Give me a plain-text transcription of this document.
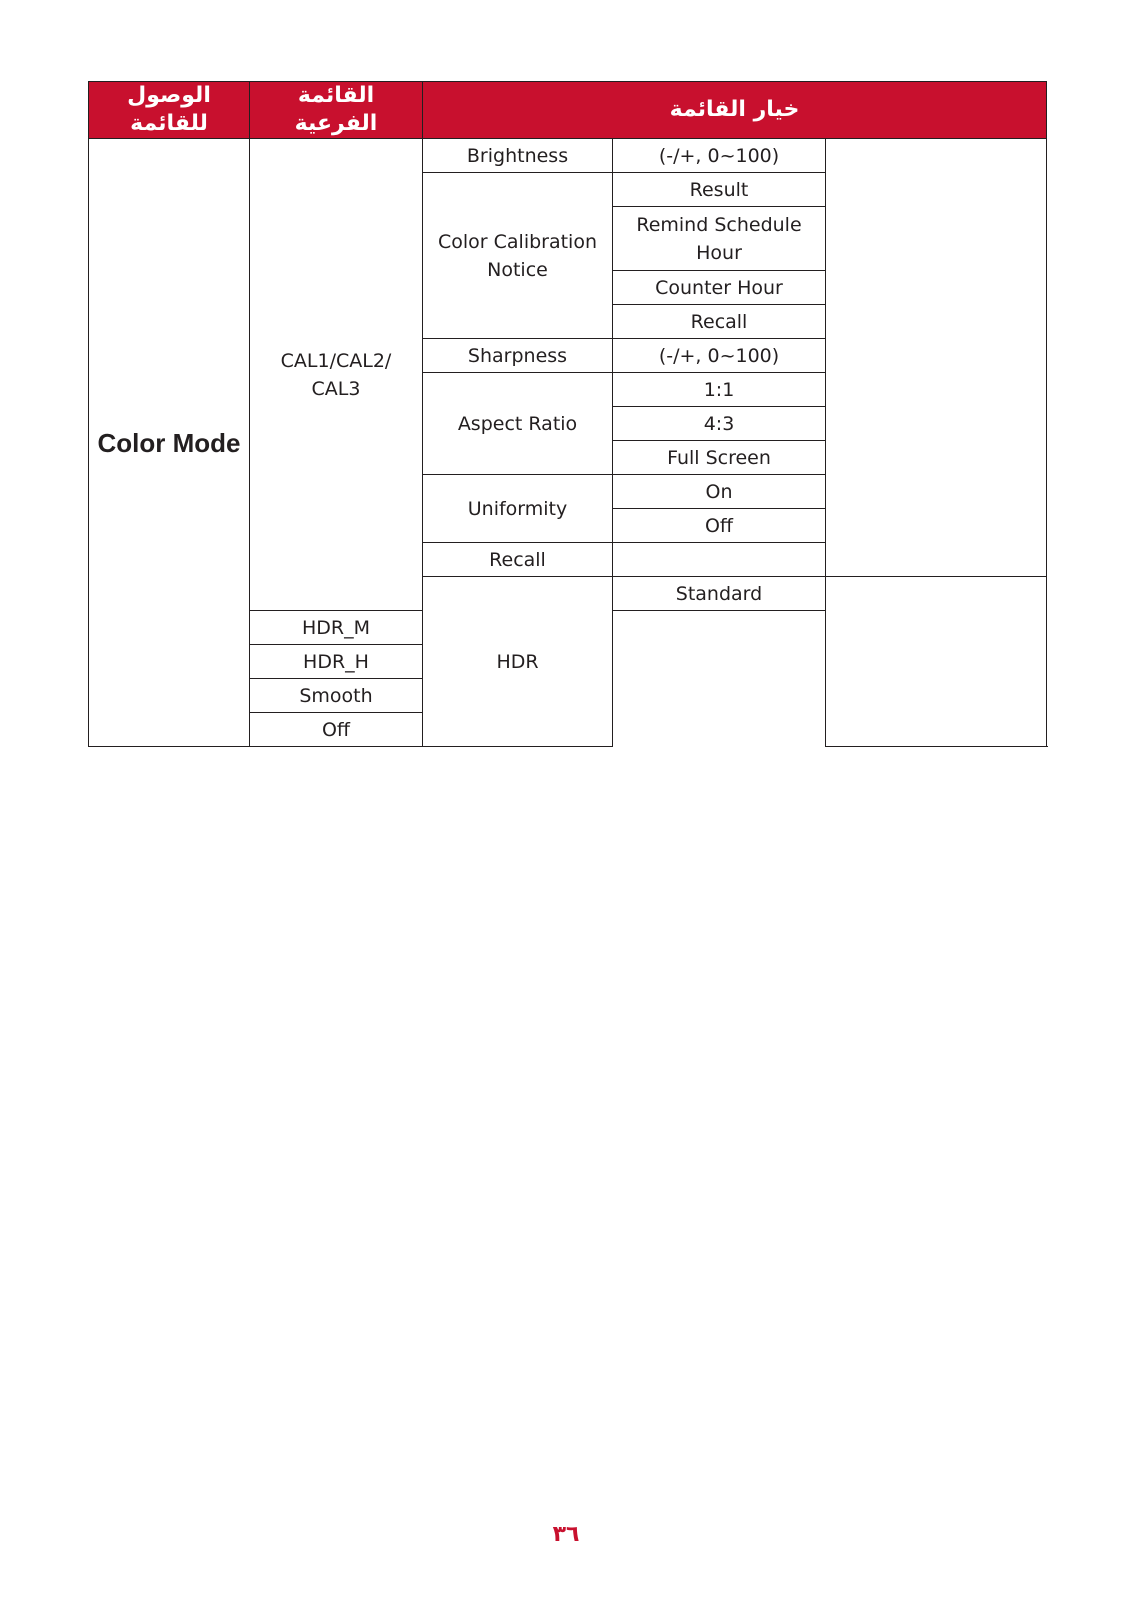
الوصول للقائمة	القائمة الفرعية	خيار القائمة		
Color Mode	CAL1/CAL2/ CAL3	Brightness	(-/+, 0~100)	
		Color Calibration Notice	Result	
			Remind Schedule Hour	
			Counter Hour	
			Recall	
		Sharpness	(-/+, 0~100)	
		Aspect Ratio	1:1	
			4:3	
			Full Screen	
		Uniformity	On	
			Off	
		Recall		
		HDR	Standard	
	HDR_M			
	HDR_H			
	Smooth			
	Off			
٣٦
